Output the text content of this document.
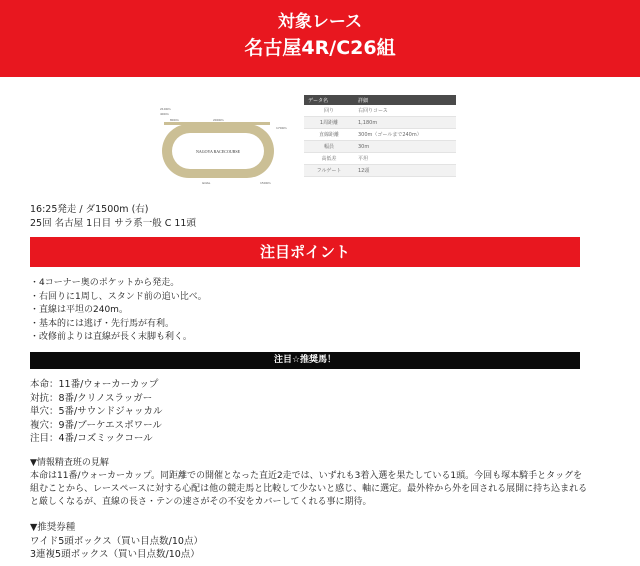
対象レース
名古屋4R/C26組
NAGOYA RACECOURSE
2100m
400m
800m	2000m
1700m
GOAL	1500m
データ名	詳細
回り	右回りコース
1周距離	1,180m
直線距離	300m（ゴールまで240m）
幅員	30m
高低差	平坦
フルゲート	12頭
16:25発走 / ダ1500m (右)
25回 名古屋 1日目 サラ系一般 C 11頭
注目ポイント
・4コーナー奥のポケットから発走。
・右回りに1周し、スタンド前の追い比べ。
・直線は平坦の240m。
・基本的には逃げ・先行馬が有利。
・改修前よりは直線が長く末脚も利く。
注目☆推奨馬！
本命：11番/ウォーカーカップ
対抗：8番/クリノスラッガー
単穴：5番/サウンドジャッカル
複穴：9番/ブーケエスポワール
注目：4番/コズミックコール
▼情報精査班の見解
本命は11番/ウォーカーカップ。同距離での開催となった直近2走では、いずれも3着入選を果たしている1頭。今回も塚本騎手とタッグを組むことから、レースペースに対する心配は他の競走馬と比較して少ないと感じ、軸に選定。最外枠から外を回される展開に持ち込まれると厳しくなるが、直線の長さ・テンの速さがその不安をカバーしてくれる事に期待。
▼推奨券種
ワイド5頭ボックス（買い目点数/10点）
3連複5頭ボックス（買い目点数/10点）
